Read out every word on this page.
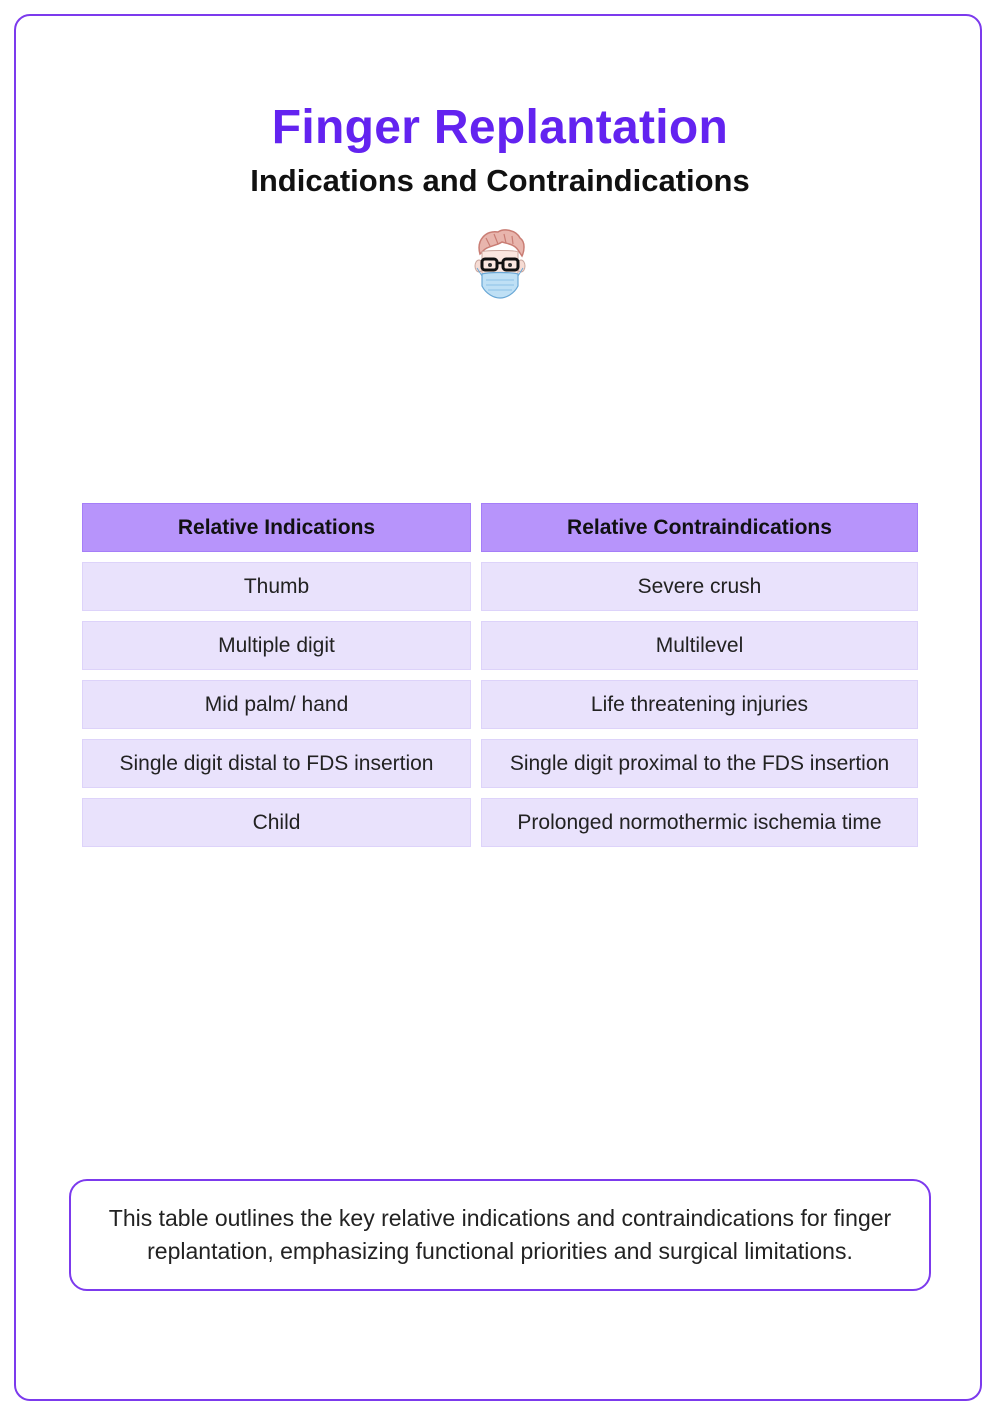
Finger Replantation
Indications and Contraindications
Relative Indications	Relative Contraindications
Thumb	Severe crush
Multiple digit	Multilevel
Mid palm/ hand	Life threatening injuries
Single digit distal to FDS insertion	Single digit proximal to the FDS insertion
Child	Prolonged normothermic ischemia time
This table outlines the key relative indications and contraindications for finger replantation, emphasizing functional priorities and surgical limitations.
